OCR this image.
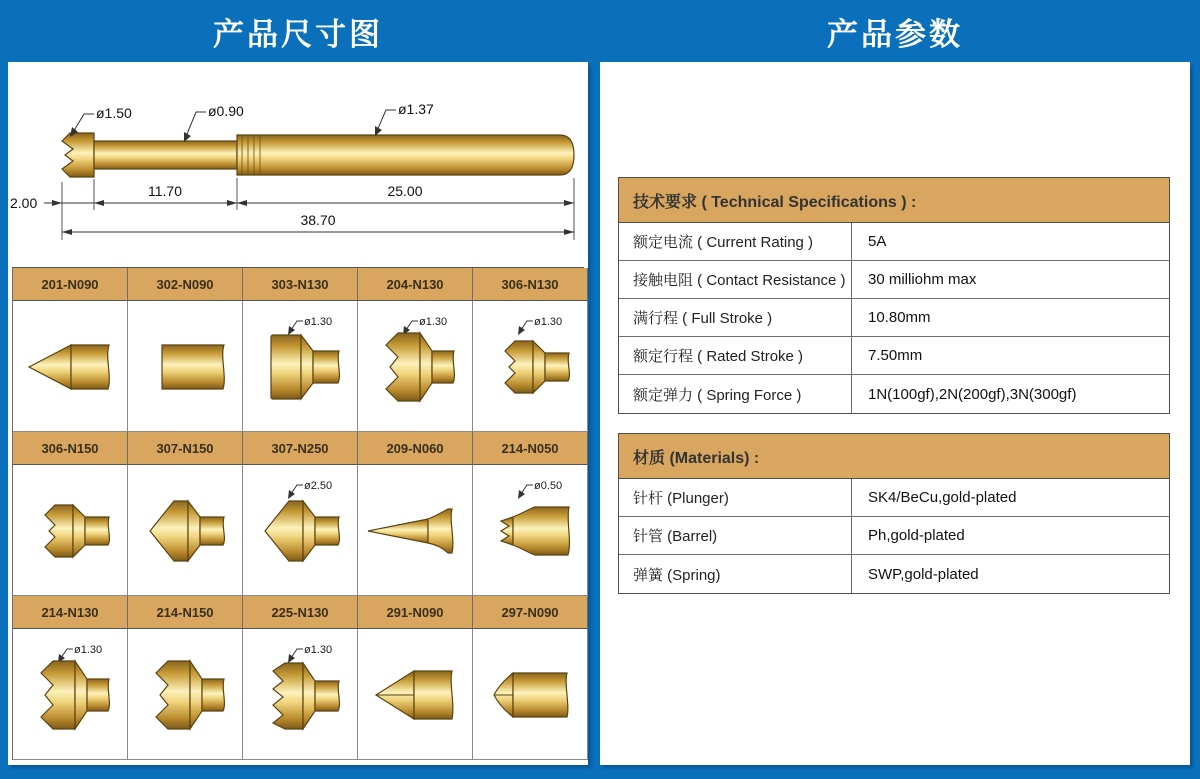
产品尺寸图	产品参数
ø1.50	ø0.90	ø1.37
2.00
11.70	25.00
38.70
201-N090	302-N090	303-N130	204-N130	306-N130
ø1.30	ø1.30	ø1.30
306-N150	307-N150	307-N250	209-N060	214-N050
ø2.50	ø0.50
214-N130	214-N150	225-N130	291-N090	297-N090
ø1.30	ø1.30
技术要求 ( Technical Specifications ) :
额定电流 ( Current Rating )	5A
接触电阻 ( Contact Resistance )	30 milliohm max
满行程 ( Full Stroke )	10.80mm
额定行程 ( Rated Stroke )	7.50mm
额定弹力 ( Spring Force )	1N(100gf),2N(200gf),3N(300gf)
材质 (Materials) :
针杆 (Plunger)	SK4/BeCu,gold-plated
针管 (Barrel)	Ph,gold-plated
弹簧 (Spring)	SWP,gold-plated
